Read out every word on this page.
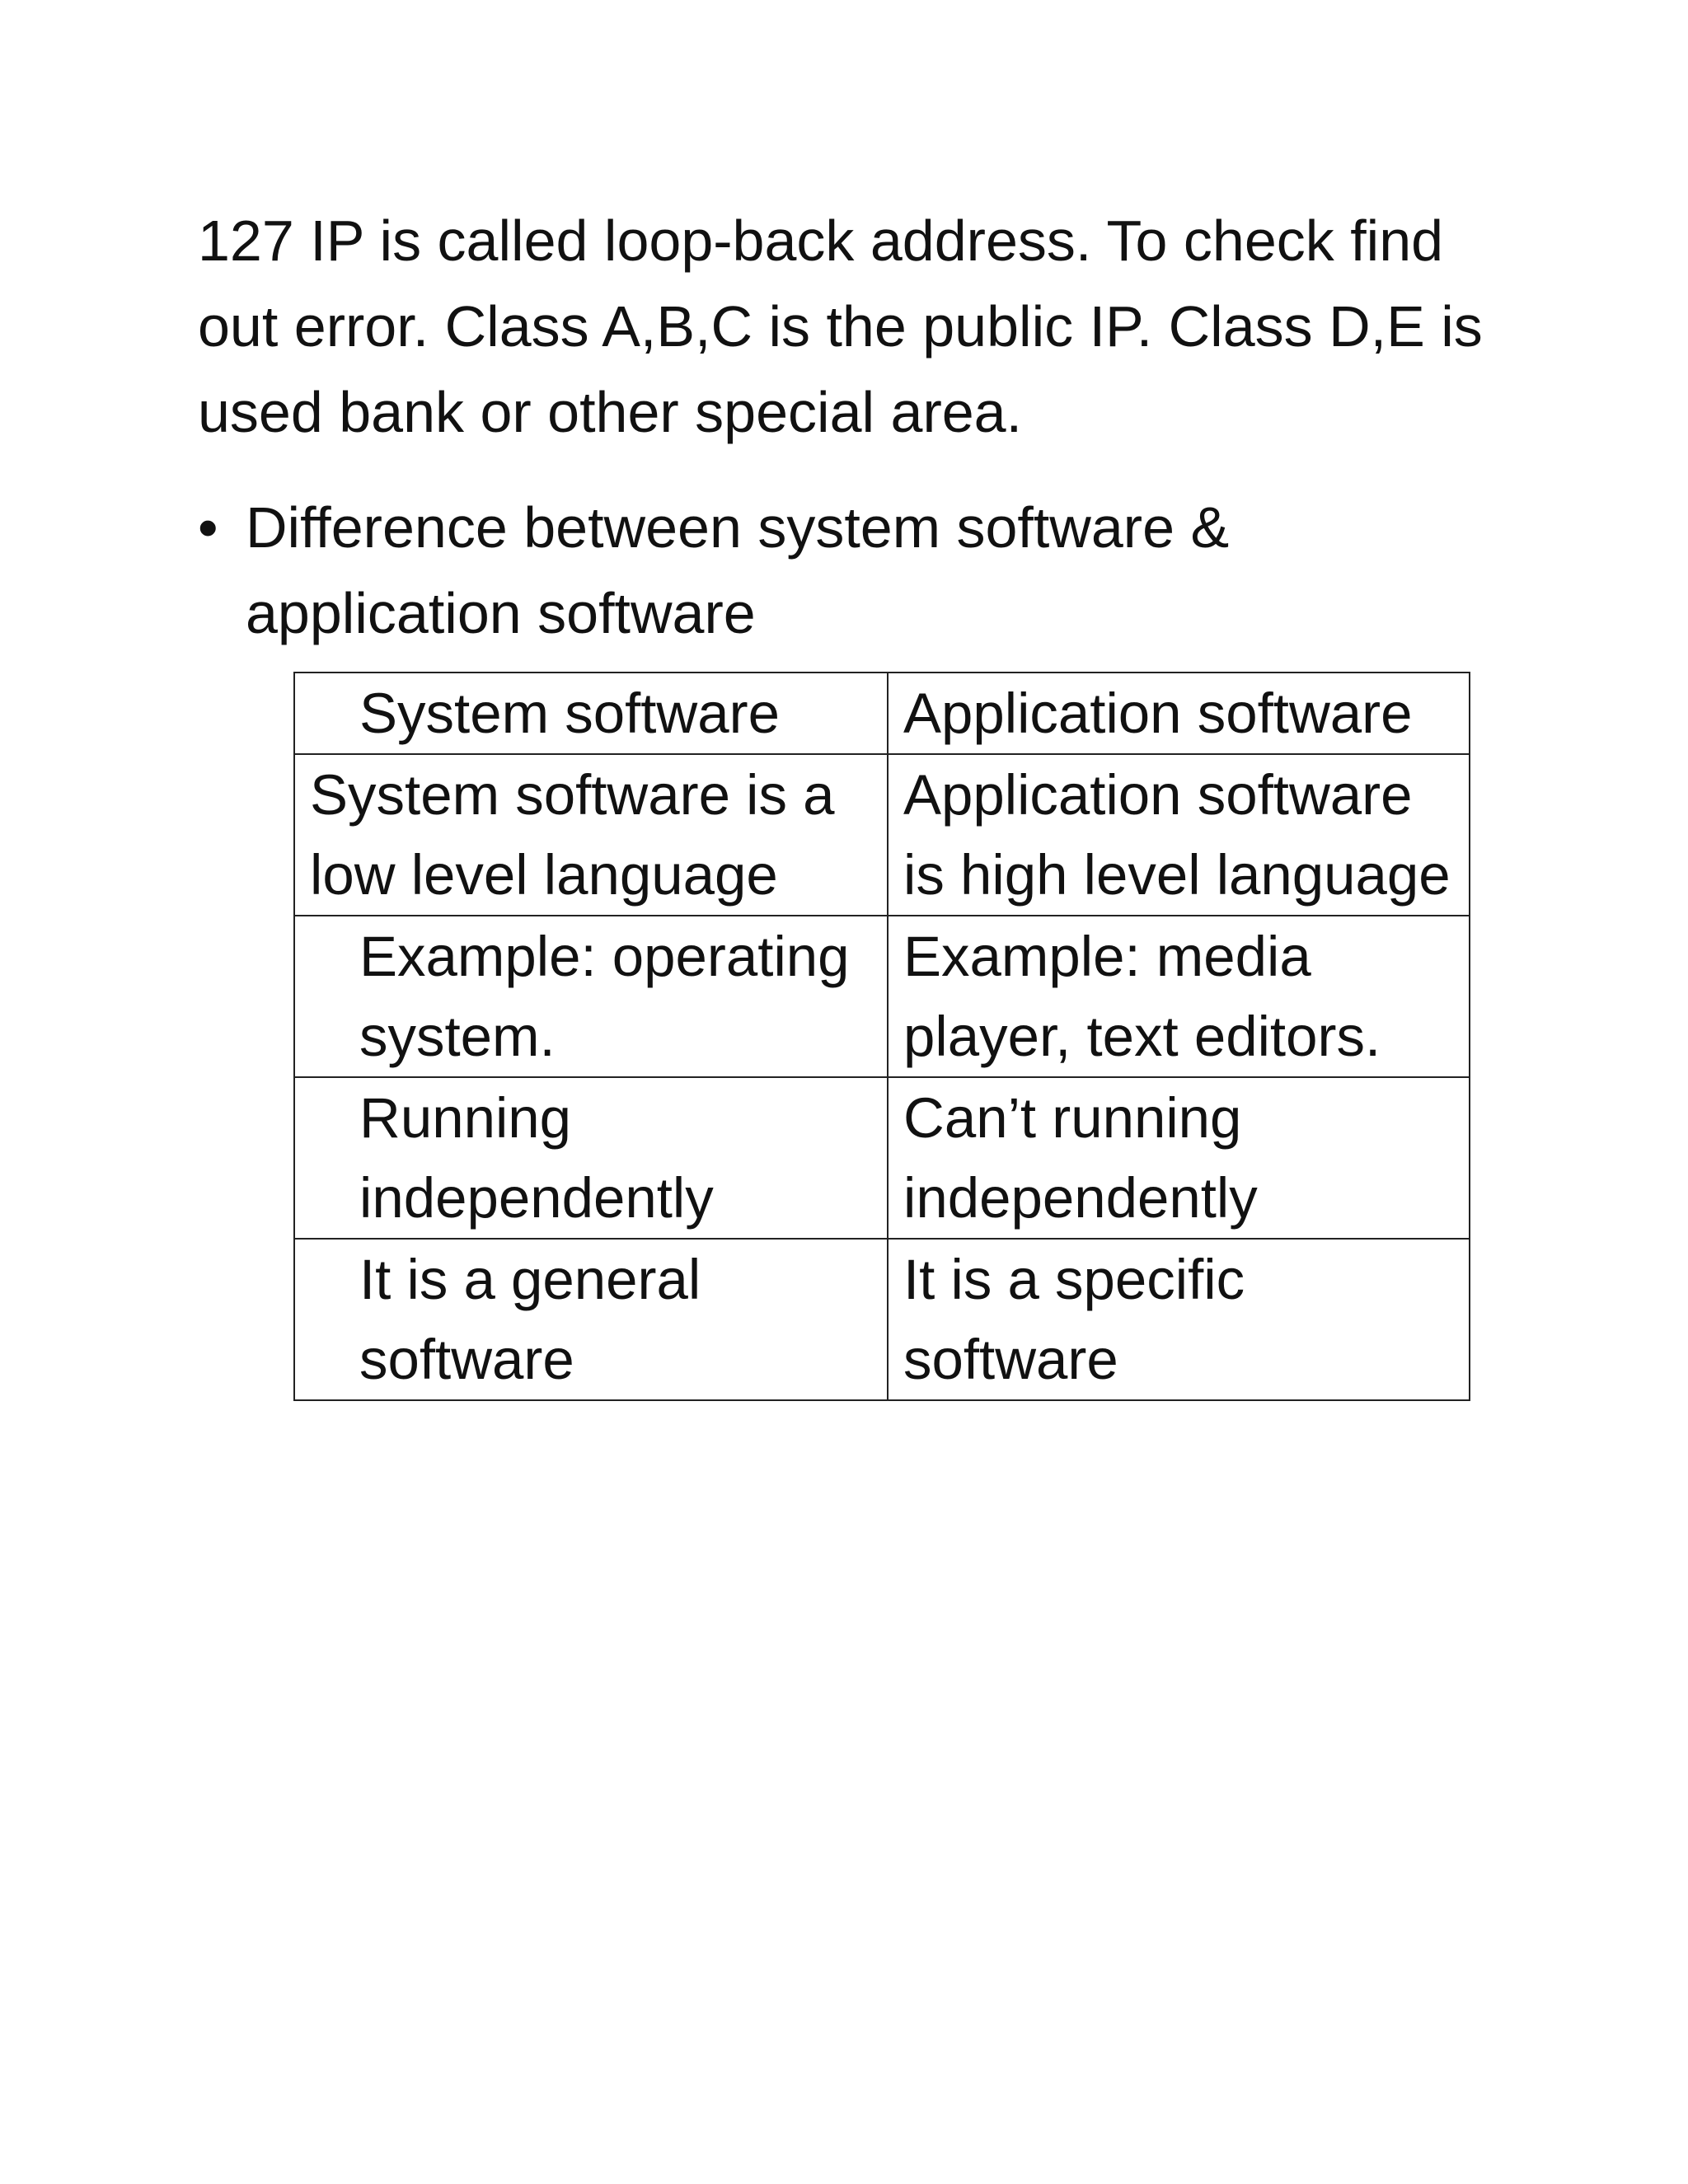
127 IP is called loop-back address. To check find out error. Class A,B,C is the public IP. Class D,E is used bank or other special area.

• Difference between system software & application software
System software	Application software
System software is a low level language	Application software is high level language
Example: operating system.	Example: media player, text editors.
Running independently	Can’t running independently
It is a general software	It is a specific software
